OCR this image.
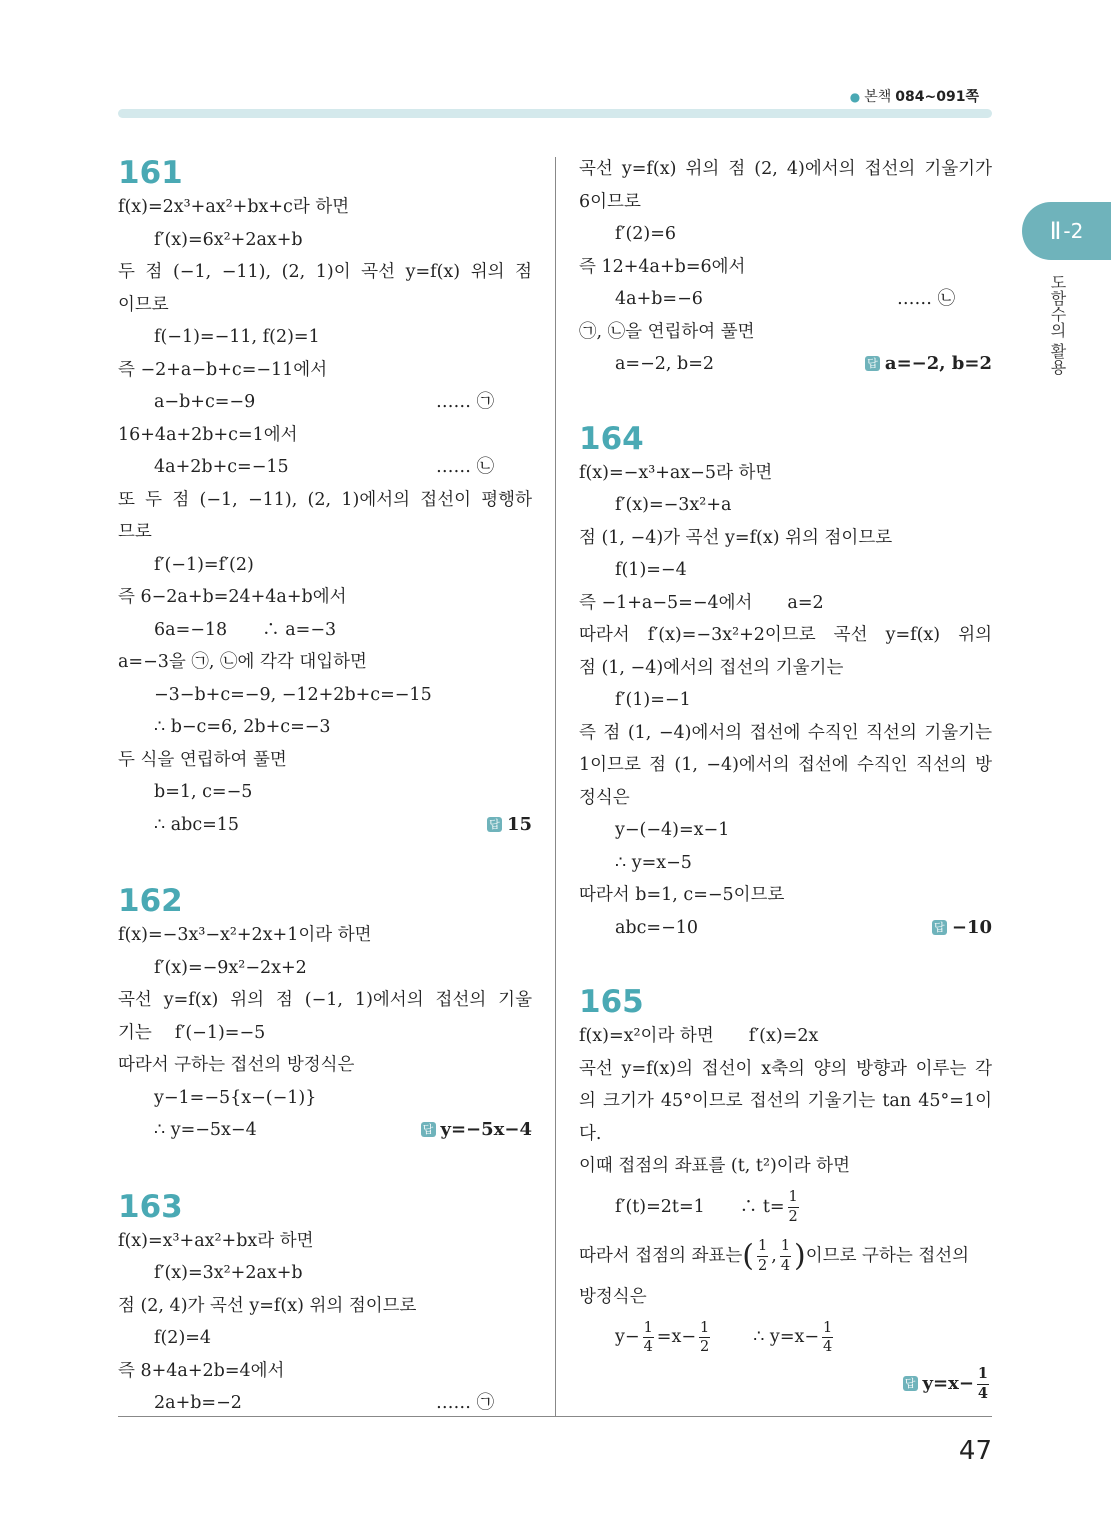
● 본책 084~091쪽
Ⅱ -2
도함수의 활용
161
f(x)=2x³+ax²+bx+c라 하면
f′(x)=6x²+2ax+b
두 점 (−1, −11), (2, 1)이 곡선 y=f(x) 위의 점
이므로
f(−1)=−11, f(2)=1
즉 −2+a−b+c=−11에서
a−b+c=−9	…… ㉠
16+4a+2b+c=1에서
4a+2b+c=−15	…… ㉡
또 두 점 (−1, −11), (2, 1)에서의 접선이 평행하
므로
f′(−1)=f′(2)
즉 6−2a+b=24+4a+b에서
6a=−18　　∴ a=−3
a=−3을 ㉠, ㉡에 각각 대입하면
−3−b+c=−9, −12+2b+c=−15
∴ b−c=6, 2b+c=−3
두 식을 연립하여 풀면
b=1, c=−5
∴ abc=15	답 15
162
f(x)=−3x³−x²+2x+1이라 하면
f′(x)=−9x²−2x+2
곡선 y=f(x) 위의 점 (−1, 1)에서의 접선의 기울
기는　 f′(−1)=−5
따라서 구하는 접선의 방정식은
y−1=−5{x−(−1)}
∴ y=−5x−4	답 y=−5x−4
163
f(x)=x³+ax²+bx라 하면
f′(x)=3x²+2ax+b
점 (2, 4)가 곡선 y=f(x) 위의 점이므로
f(2)=4
즉 8+4a+2b=4에서
2a+b=−2	…… ㉠
곡선 y=f(x) 위의 점 (2, 4)에서의 접선의 기울기가
6이므로
f′(2)=6
즉 12+4a+b=6에서
4a+b=−6	…… ㉡
㉠, ㉡을 연립하여 풀면
a=−2, b=2	답 a=−2, b=2
164
f(x)=−x³+ax−5라 하면
f′(x)=−3x²+a
점 (1, −4)가 곡선 y=f(x) 위의 점이므로
f(1)=−4
즉 −1+a−5=−4에서　　a=2
따라서 f′(x)=−3x²+2이므로 곡선 y=f(x) 위의
점 (1, −4)에서의 접선의 기울기는
f′(1)=−1
즉 점 (1, −4)에서의 접선에 수직인 직선의 기울기는
1이므로 점 (1, −4)에서의 접선에 수직인 직선의 방
정식은
y−(−4)=x−1
∴ y=x−5
따라서 b=1, c=−5이므로
abc=−10	답 −10
165
f(x)=x²이라 하면　　f′(x)=2x
곡선 y=f(x)의 접선이 x축의 양의 방향과 이루는 각
의 크기가 45°이므로 접선의 기울기는 tan 45°=1이
다.
이때 접점의 좌표를 (t, t²)이라 하면
f′(t)=2t=1　　∴ $t= \frac{1}{2}$
따라서 접점의 좌표는( $\frac{1}{2}$ , $\frac{1}{4}$ )이므로 구하는 접선의
방정식은
$y- \frac{1}{4} =x- \frac{1}{2}$ ∴ $y=x- \frac{1}{4}$
답 $y=x- \frac{1}{4}$
47
